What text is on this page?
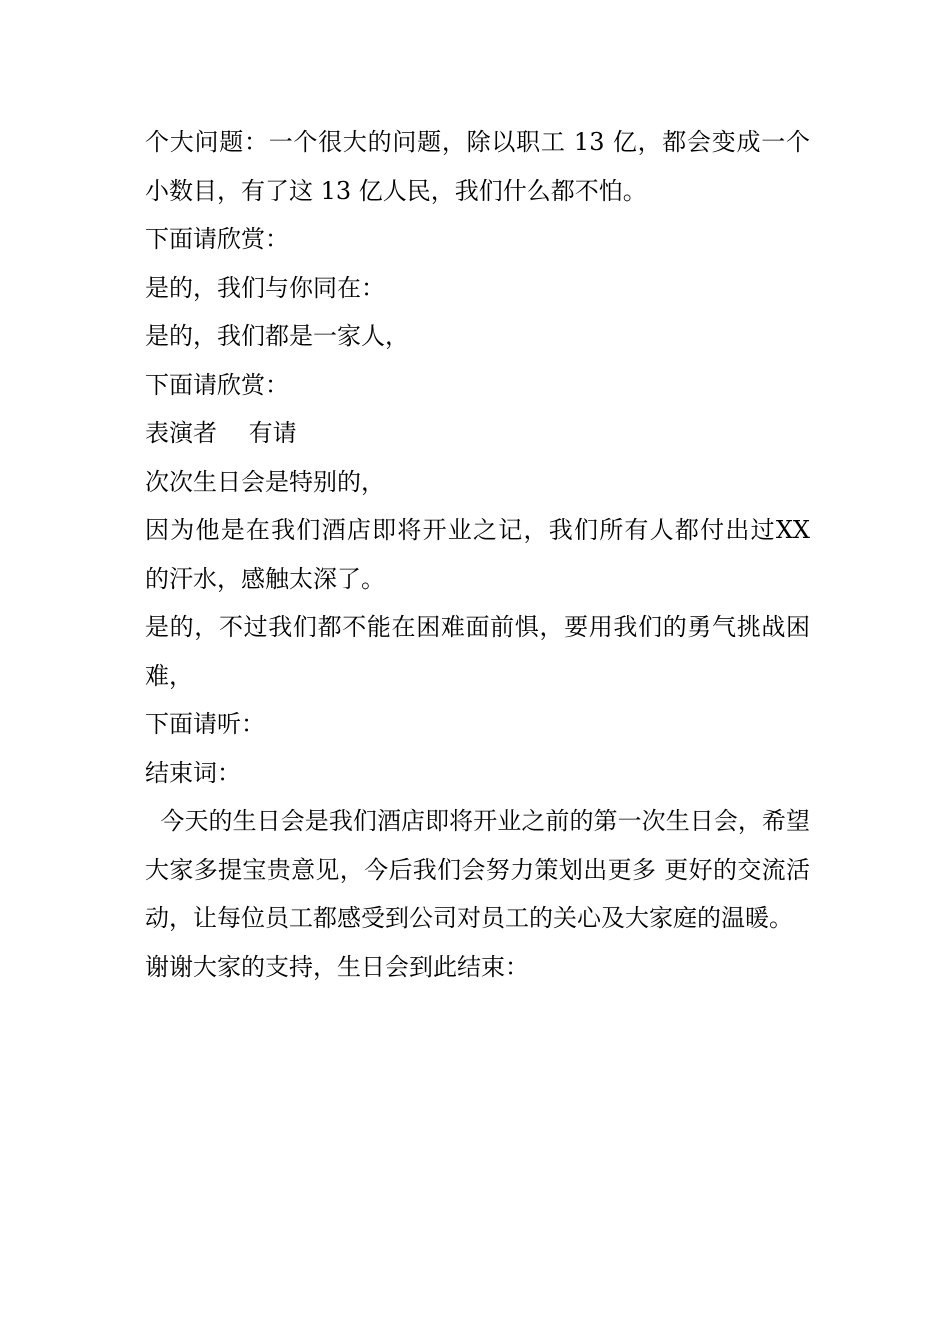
个大问题：一个很大的问题，除以职工 13 亿，都会变成一个小数目，有了这 13 亿人民，我们什么都不怕。

下面请欣赏：

是的，我们与你同在：

是的，我们都是一家人，

下面请欣赏：

表演者　 有请

次次生日会是特别的，

因为他是在我们酒店即将开业之记，我们所有人都付出过XX 的汗水，感触太深了。

是的，不过我们都不能在困难面前惧，要用我们的勇气挑战困难，

下面请听：

结束词：

今天的生日会是我们酒店即将开业之前的第一次生日会，希望大家多提宝贵意见，今后我们会努力策划出更多 更好的交流活动，让每位员工都感受到公司对员工的关心及大家庭的温暖。

谢谢大家的支持，生日会到此结束：
